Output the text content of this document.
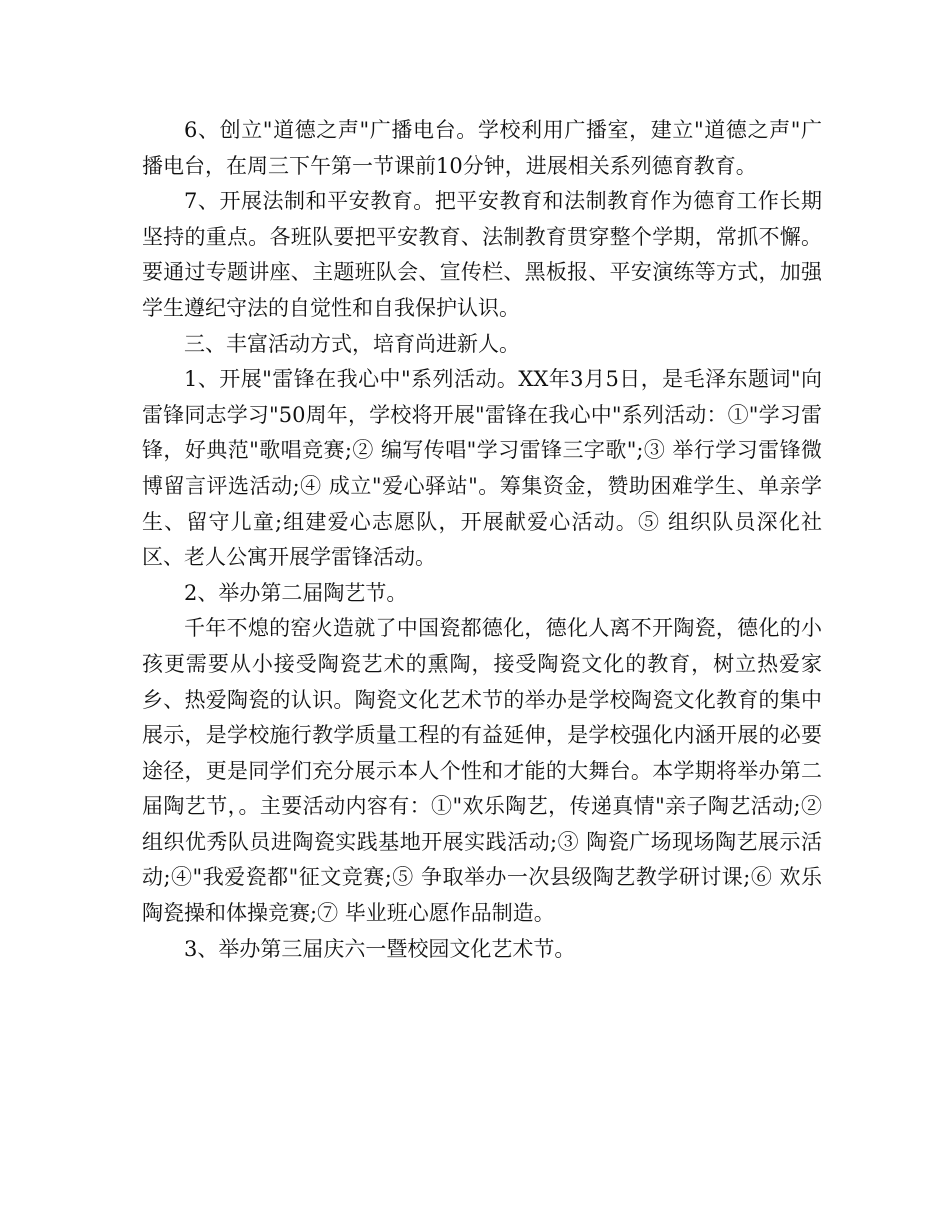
6、创立"道德之声"广播电台。学校利用广播室，建立"道德之声"广播电台，在周三下午第一节课前10分钟，进展相关系列德育教育。

7、开展法制和平安教育。把平安教育和法制教育作为德育工作长期坚持的重点。各班队要把平安教育、法制教育贯穿整个学期，常抓不懈。要通过专题讲座、主题班队会、宣传栏、黑板报、平安演练等方式，加强学生遵纪守法的自觉性和自我保护认识。

三、丰富活动方式，培育尚进新人。

1、开展"雷锋在我心中"系列活动。XX年3月5日，是毛泽东题词"向雷锋同志学习"50周年，学校将开展"雷锋在我心中"系列活动：①"学习雷锋，好典范"歌唱竞赛;② 编写传唱"学习雷锋三字歌";③ 举行学习雷锋微博留言评选活动;④ 成立"爱心驿站"。筹集资金，赞助困难学生、单亲学生、留守儿童;组建爱心志愿队，开展献爱心活动。⑤ 组织队员深化社区、老人公寓开展学雷锋活动。

2、举办第二届陶艺节。

千年不熄的窑火造就了中国瓷都德化，德化人离不开陶瓷，德化的小孩更需要从小接受陶瓷艺术的熏陶，接受陶瓷文化的教育，树立热爱家乡、热爱陶瓷的认识。陶瓷文化艺术节的举办是学校陶瓷文化教育的集中展示，是学校施行教学质量工程的有益延伸，是学校强化内涵开展的必要途径，更是同学们充分展示本人个性和才能的大舞台。本学期将举办第二届陶艺节，。主要活动内容有：①"欢乐陶艺，传递真情"亲子陶艺活动;② 组织优秀队员进陶瓷实践基地开展实践活动;③ 陶瓷广场现场陶艺展示活动;④"我爱瓷都"征文竞赛;⑤ 争取举办一次县级陶艺教学研讨课;⑥ 欢乐陶瓷操和体操竞赛;⑦ 毕业班心愿作品制造。

3、举办第三届庆六一暨校园文化艺术节。
